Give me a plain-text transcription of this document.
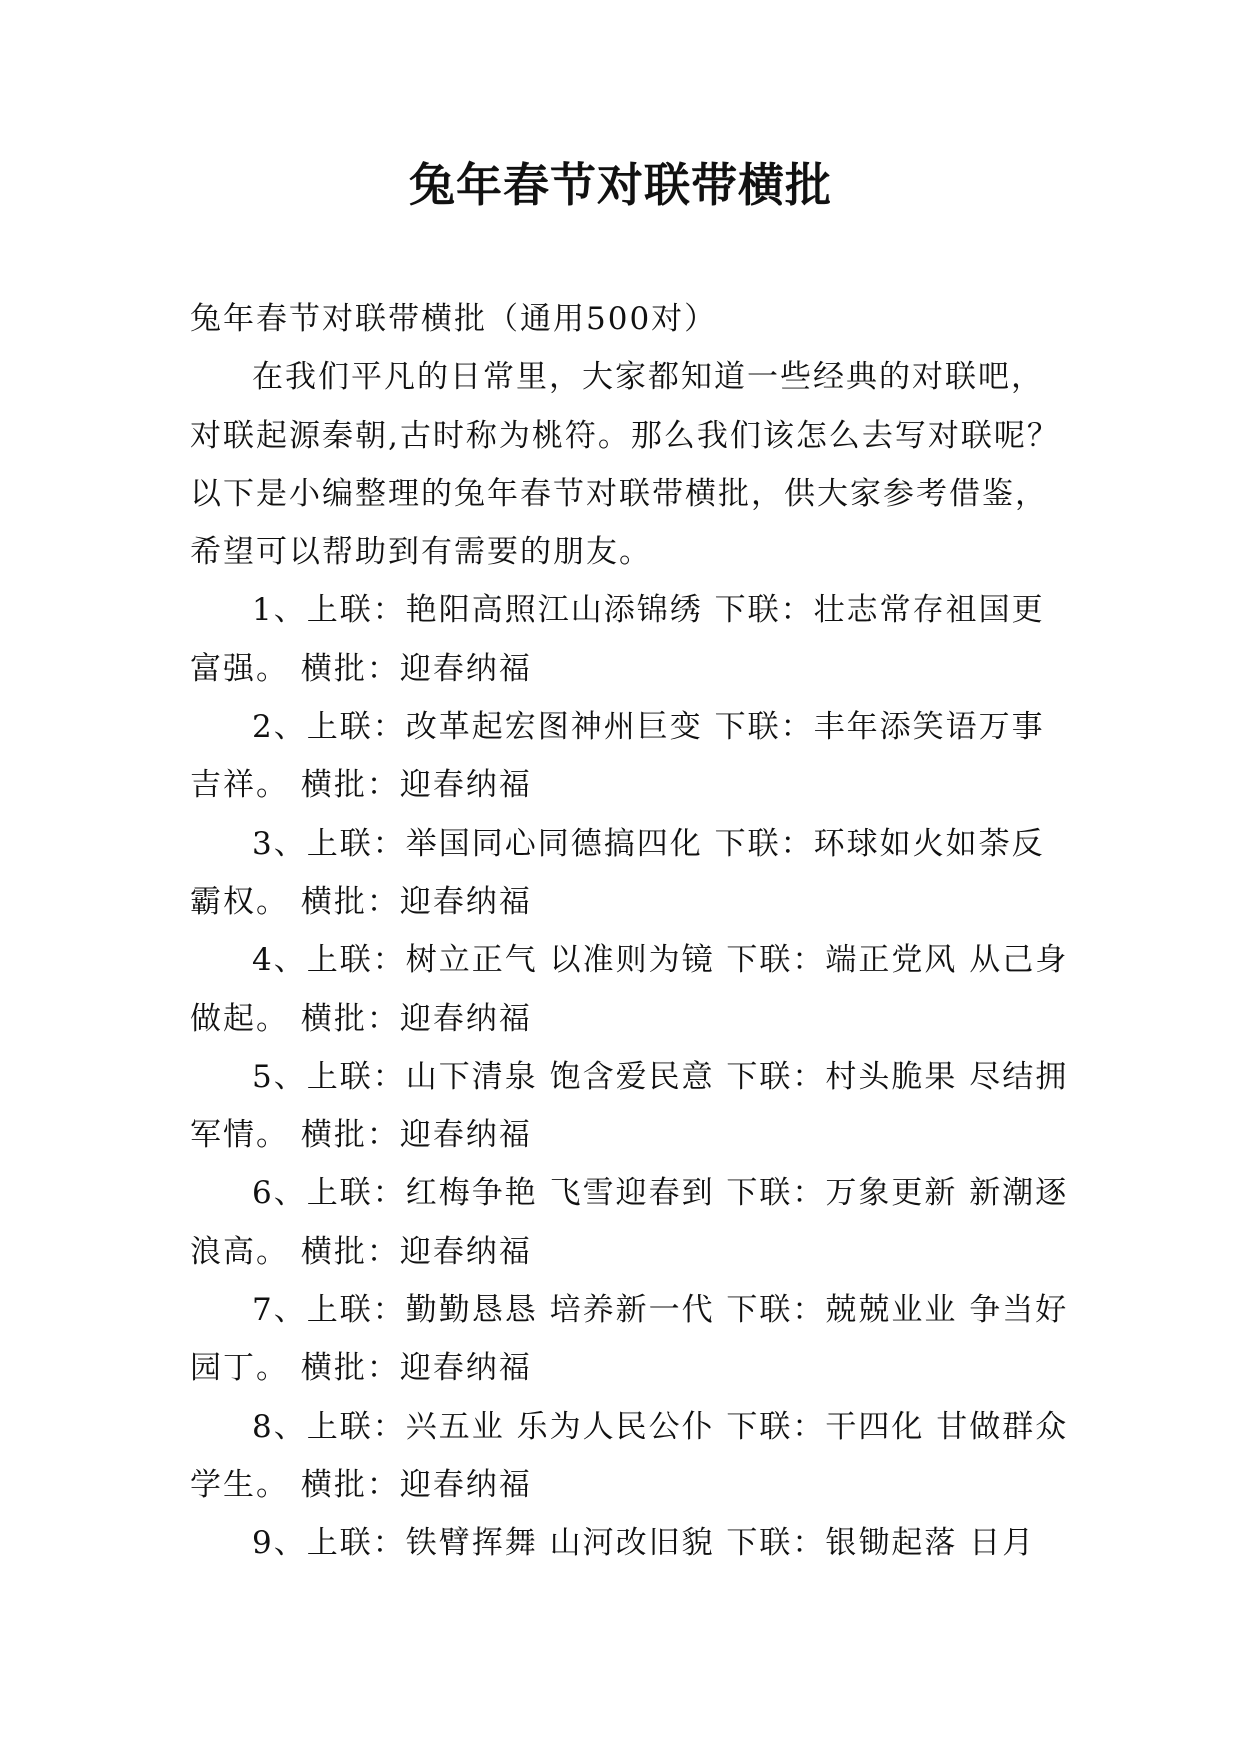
兔年春节对联带横批

兔年春节对联带横批（通用500对）

在我们平凡的日常里，大家都知道一些经典的对联吧，对联起源秦朝,古时称为桃符。那么我们该怎么去写对联呢？以下是小编整理的兔年春节对联带横批，供大家参考借鉴，希望可以帮助到有需要的朋友。

1、上联：艳阳高照江山添锦绣 下联：壮志常存祖国更富强。 横批：迎春纳福

2、上联：改革起宏图神州巨变 下联：丰年添笑语万事吉祥。 横批：迎春纳福

3、上联：举国同心同德搞四化 下联：环球如火如荼反霸权。 横批：迎春纳福

4、上联：树立正气 以准则为镜 下联：端正党风 从己身做起。 横批：迎春纳福

5、上联：山下清泉 饱含爱民意 下联：村头脆果 尽结拥军情。 横批：迎春纳福

6、上联：红梅争艳 飞雪迎春到 下联：万象更新 新潮逐浪高。 横批：迎春纳福

7、上联：勤勤恳恳 培养新一代 下联：兢兢业业 争当好园丁。 横批：迎春纳福

8、上联：兴五业 乐为人民公仆 下联：干四化 甘做群众学生。 横批：迎春纳福

9、上联：铁臂挥舞 山河改旧貌 下联：银锄起落 日月
